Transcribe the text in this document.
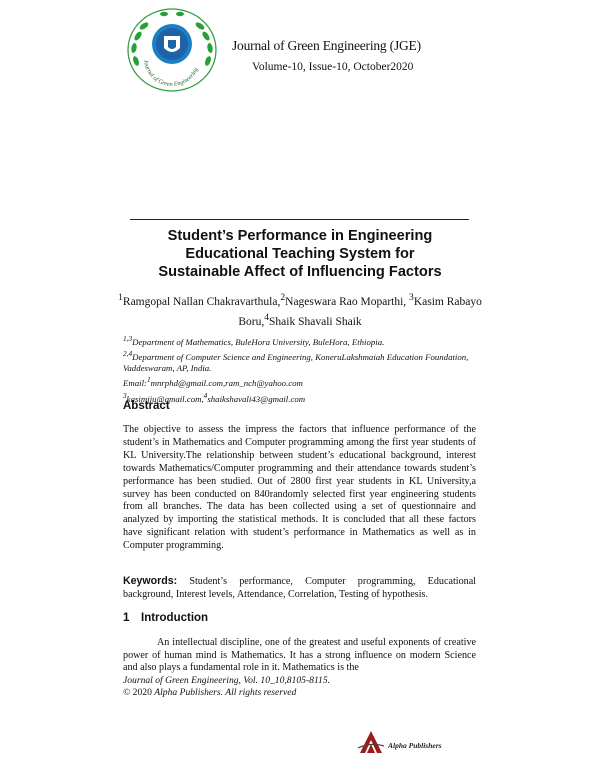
Journal of Green Engineering
Journal of Green Engineering (JGE)
Volume-10, Issue-10, October2020
Student’s Performance in Engineering
Educational Teaching System for
Sustainable Affect of Influencing Factors
$^1$Ramgopal Nallan Chakravarthula,$^2$Nageswara Rao Moparthi, $^3$Kasim Rabayo Boru,$^4$Shaik Shavali Shaik
$^{1,3}$Department of Mathematics, BuleHora University, BuleHora, Ethiopia.
$^{2,4}$Department of Computer Science and Engineering, KoneruLakshmaiah Education Foundation, Vaddeswaram, AP, India.
Email:$^1$mnrphd@gmail.com,ram_nch@yahoo.com
$^3$kasimjju@gmail.com,$^4$shaikshavali43@gmail.com
Abstract
The objective to assess the impress the factors that influence performance of the student’s in Mathematics and Computer programming among the first year students of KL University.The relationship between student’s educational background, interest towards Mathematics/Computer programming and their attendance towards student’s performance has been studied. Out of 2800 first year students in KL University,a survey has been conducted on 840randomly selected first year engineering students from all branches. The data has been collected using a set of questionnaire and analyzed by importing the statistical methods. It is concluded that all these factors have significant relation with student’s performance in Mathematics as well as in Computer programming.
Keywords: Student’s performance, Computer programming, Educational background, Interest levels, Attendance, Correlation, Testing of hypothesis.
1 Introduction
An intellectual discipline, one of the greatest and useful exponents of creative power of human mind is Mathematics. It has a strong influence on modern Science and also plays a fundamental role in it. Mathematics is the
Journal of Green Engineering, Vol. 10_10,8105-8115.
© 2020 Alpha Publishers. All rights reserved
Alpha Publishers
